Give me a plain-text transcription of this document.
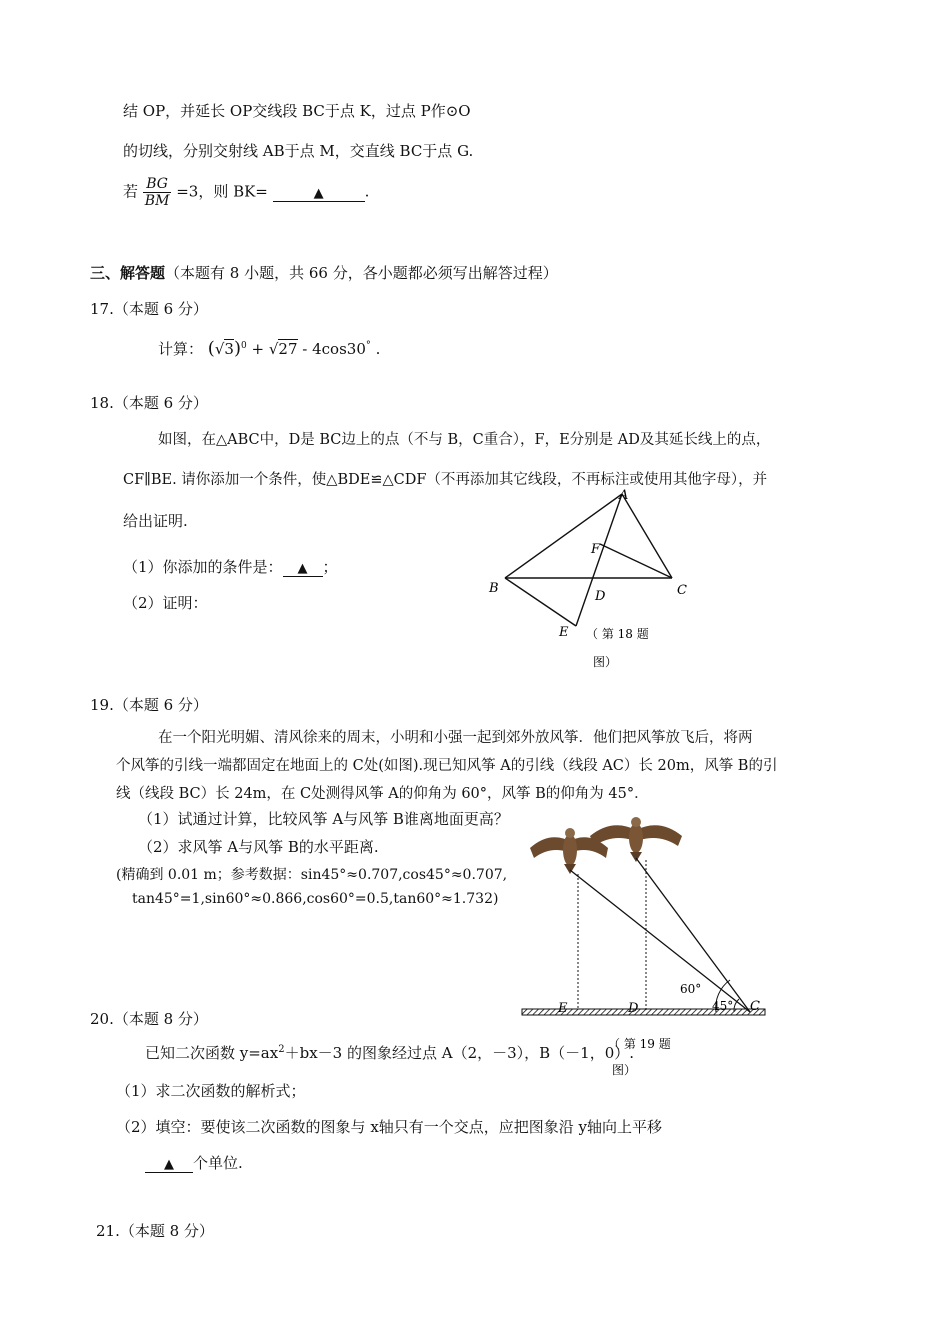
结 OP，并延长 OP交线段 BC于点 K，过点 P作⊙O
的切线，分别交射线 AB于点 M，交直线 BC于点 G.
若 $\frac{BG}{BM} =3$，则 BK=	▲	.
三、解答题（本题有 8 小题，共 66 分，各小题都必须写出解答过程）
17.（本题 6 分）
计算： $(√3)^0 + √27 - 4\cos 30^\circ$ .
18.（本题 6 分）
如图，在△ABC中，D是 BC边上的点（不与 B，C重合），F，E分别是 AD及其延长线上的点，
CF∥BE. 请你添加一个条件，使△BDE≌△CDF（不再添加其它线段，不再标注或使用其他字母），并
给出证明.
（1）你添加的条件是： ▲ ；
（2）证明：
A
B	C
D
E
F
（ 第 18 题
图）
19.（本题 6 分）
在一个阳光明媚、清风徐来的周末，小明和小强一起到郊外放风筝．他们把风筝放飞后，将两
个风筝的引线一端都固定在地面上的 C处(如图).现已知风筝 A的引线（线段 AC）长 20m，风筝 B的引
线（线段 BC）长 24m，在 C处测得风筝 A的仰角为 60°，风筝 B的仰角为 45°．
（1）试通过计算，比较风筝 A与风筝 B谁离地面更高？
（2）求风筝 A与风筝 B的水平距离.
(精确到 0.01 m；参考数据：sin45°≈0.707,cos45°≈0.707,
tan45°=1,sin60°≈0.866,cos60°=0.5,tan60°≈1.732)
60°
45°
E	D	C
（ 第 19 题
图）
20.（本题 8 分）
已知二次函数 $y=ax^2+bx-3$ 的图象经过点 A（2，－3），B（－1，0）.
（1）求二次函数的解析式；
（2）填空：要使该二次函数的图象与 x轴只有一个交点，应把图象沿 y轴向上平移
▲ 个单位.
21.（本题 8 分）
